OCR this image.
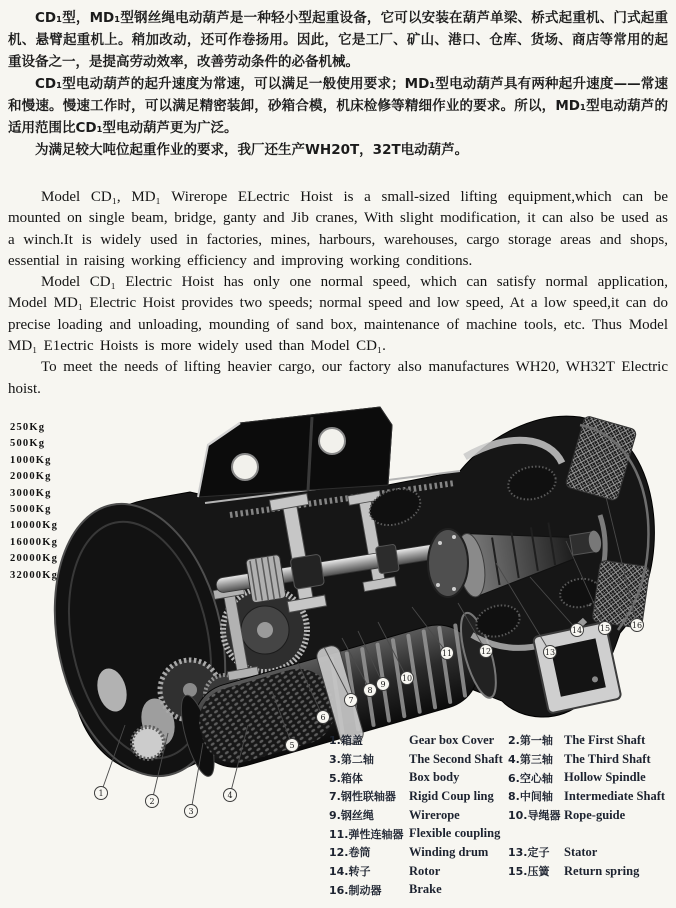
CD₁型，MD₁型钢丝绳电动葫芦是一种轻小型起重设备，它可以安装在葫芦单梁、桥式起重机、门式起重机、悬臂起重机上。稍加改动，还可作卷扬用。因此，它是工厂、矿山、港口、仓库、货场、商店等常用的起重设备之一，是提高劳动效率，改善劳动条件的必备机械。

CD₁型电动葫芦的起升速度为常速，可以满足一般使用要求；MD₁型电动葫芦具有两种起升速度——常速和慢速。慢速工作时，可以满足精密装卸，砂箱合模，机床检修等精细作业的要求。所以，MD₁型电动葫芦的适用范围比CD₁型电动葫芦更为广泛。

为满足较大吨位起重作业的要求，我厂还生产WH20T，32T电动葫芦。

Model CD₁, MD₁ Wirerope ELectric Hoist is a small-sized lifting equipment,which can be mounted on single beam, bridge, ganty and Jib cranes, With slight modification, it can also be used as a winch.It is widely used in factories, mines, harbours, warehouses, cargo storage areas and shops, essential in raising working efficiency and improving working conditions.

Model CD₁ Electric Hoist has only one normal speed, which can satisfy normal application, Model MD₁ Electric Hoist provides two speeds; normal speed and low speed, At a low speed,it can do precise loading and unloading, mounding of sand box, maintenance of machine tools, etc. Thus Model MD₁ E1ectric Hoists is more widely used than Model CD₁.

To meet the needs of lifting heavier cargo, our factory also manufactures WH20, WH32T Electric hoist.

250Kg
500Kg
1000Kg
2000Kg
3000Kg
5000Kg
10000Kg
16000Kg
20000Kg
32000Kg
1
2
3
4
5
6
7
8
9
10
11	12	13
14 15	16
1.箱盖	Gear box Cover	2.第一轴 The First Shaft
3.第二轴	The Second Shaft 4.第三轴 The Third Shaft
5.箱体	Box body	6.空心轴 Hollow Spindle
7.钢性联轴器	Rigid Coup ling	8.中间轴 Intermediate Shaft
9.钢丝绳	Wirerope	10.导绳器 Rope-guide
11.弹性连轴器 Flexible coupling
12.卷筒	Winding drum	13.定子	Stator
14.转子	Rotor	15.压簧	Return spring
16.制动器	Brake
